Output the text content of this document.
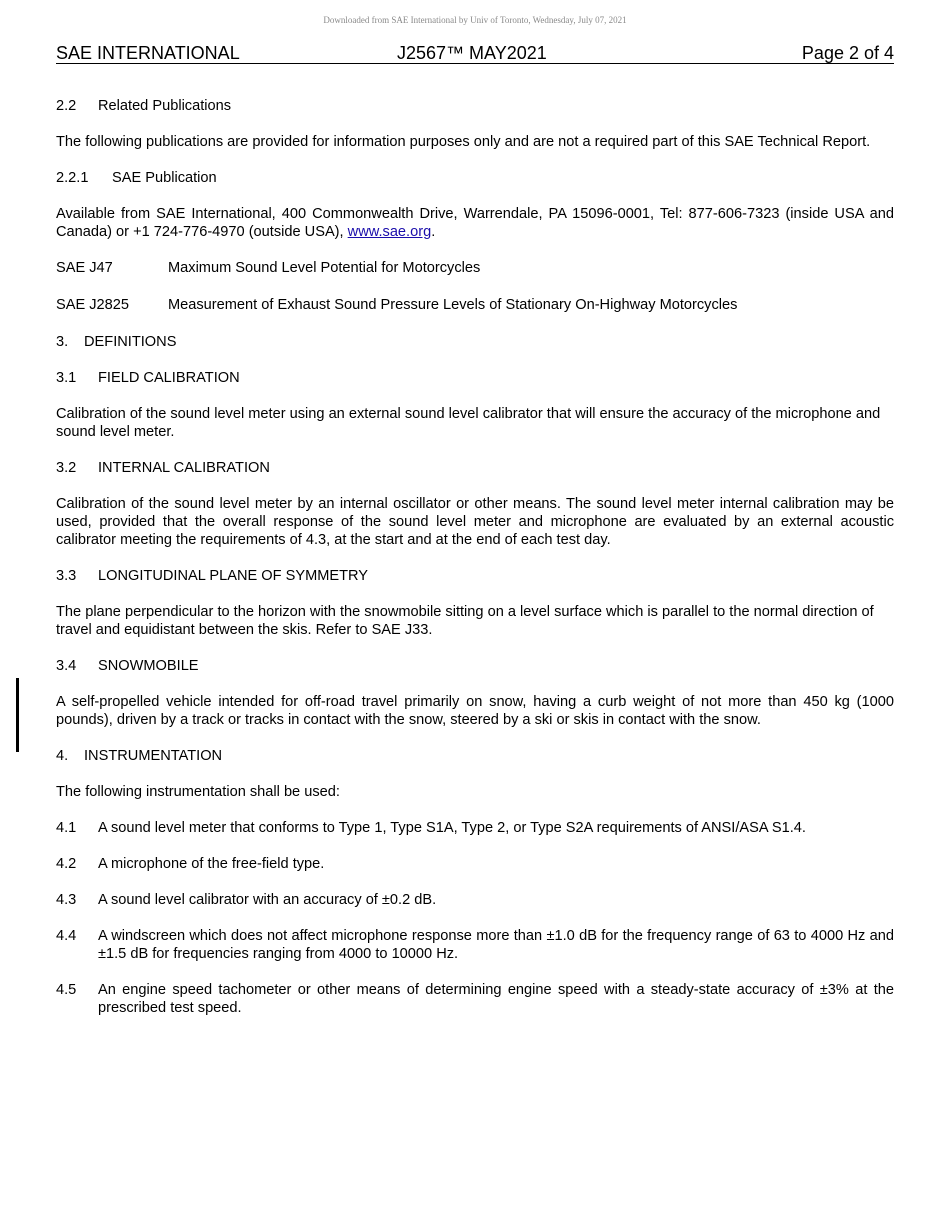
Downloaded from SAE International by Univ of Toronto, Wednesday, July 07, 2021
SAE INTERNATIONAL	J2567™ MAY2021	Page 2 of 4

2.2 Related Publications

The following publications are provided for information purposes only and are not a required part of this SAE Technical Report.

2.2.1 SAE Publication

Available from SAE International, 400 Commonwealth Drive, Warrendale, PA 15096-0001, Tel: 877-606-7323 (inside USA and Canada) or +1 724-776-4970 (outside USA), www.sae.org.

SAE J47	Maximum Sound Level Potential for Motorcycles
SAE J2825	Measurement of Exhaust Sound Pressure Levels of Stationary On-Highway Motorcycles

3. DEFINITIONS

3.1 FIELD CALIBRATION

Calibration of the sound level meter using an external sound level calibrator that will ensure the accuracy of the microphone and sound level meter.

3.2 INTERNAL CALIBRATION

Calibration of the sound level meter by an internal oscillator or other means. The sound level meter internal calibration may be used, provided that the overall response of the sound level meter and microphone are evaluated by an external acoustic calibrator meeting the requirements of 4.3, at the start and at the end of each test day.

3.3 LONGITUDINAL PLANE OF SYMMETRY

The plane perpendicular to the horizon with the snowmobile sitting on a level surface which is parallel to the normal direction of travel and equidistant between the skis. Refer to SAE J33.

3.4 SNOWMOBILE

A self-propelled vehicle intended for off-road travel primarily on snow, having a curb weight of not more than 450 kg (1000 pounds), driven by a track or tracks in contact with the snow, steered by a ski or skis in contact with the snow.

4. INSTRUMENTATION

The following instrumentation shall be used:

4.1	A sound level meter that conforms to Type 1, Type S1A, Type 2, or Type S2A requirements of ANSI/ASA S1.4.
4.2	A microphone of the free-field type.
4.3	A sound level calibrator with an accuracy of ±0.2 dB.
4.4	A windscreen which does not affect microphone response more than ±1.0 dB for the frequency range of 63 to 4000 Hz and ±1.5 dB for frequencies ranging from 4000 to 10000 Hz.
4.5	An engine speed tachometer or other means of determining engine speed with a steady-state accuracy of ±3% at the prescribed test speed.
